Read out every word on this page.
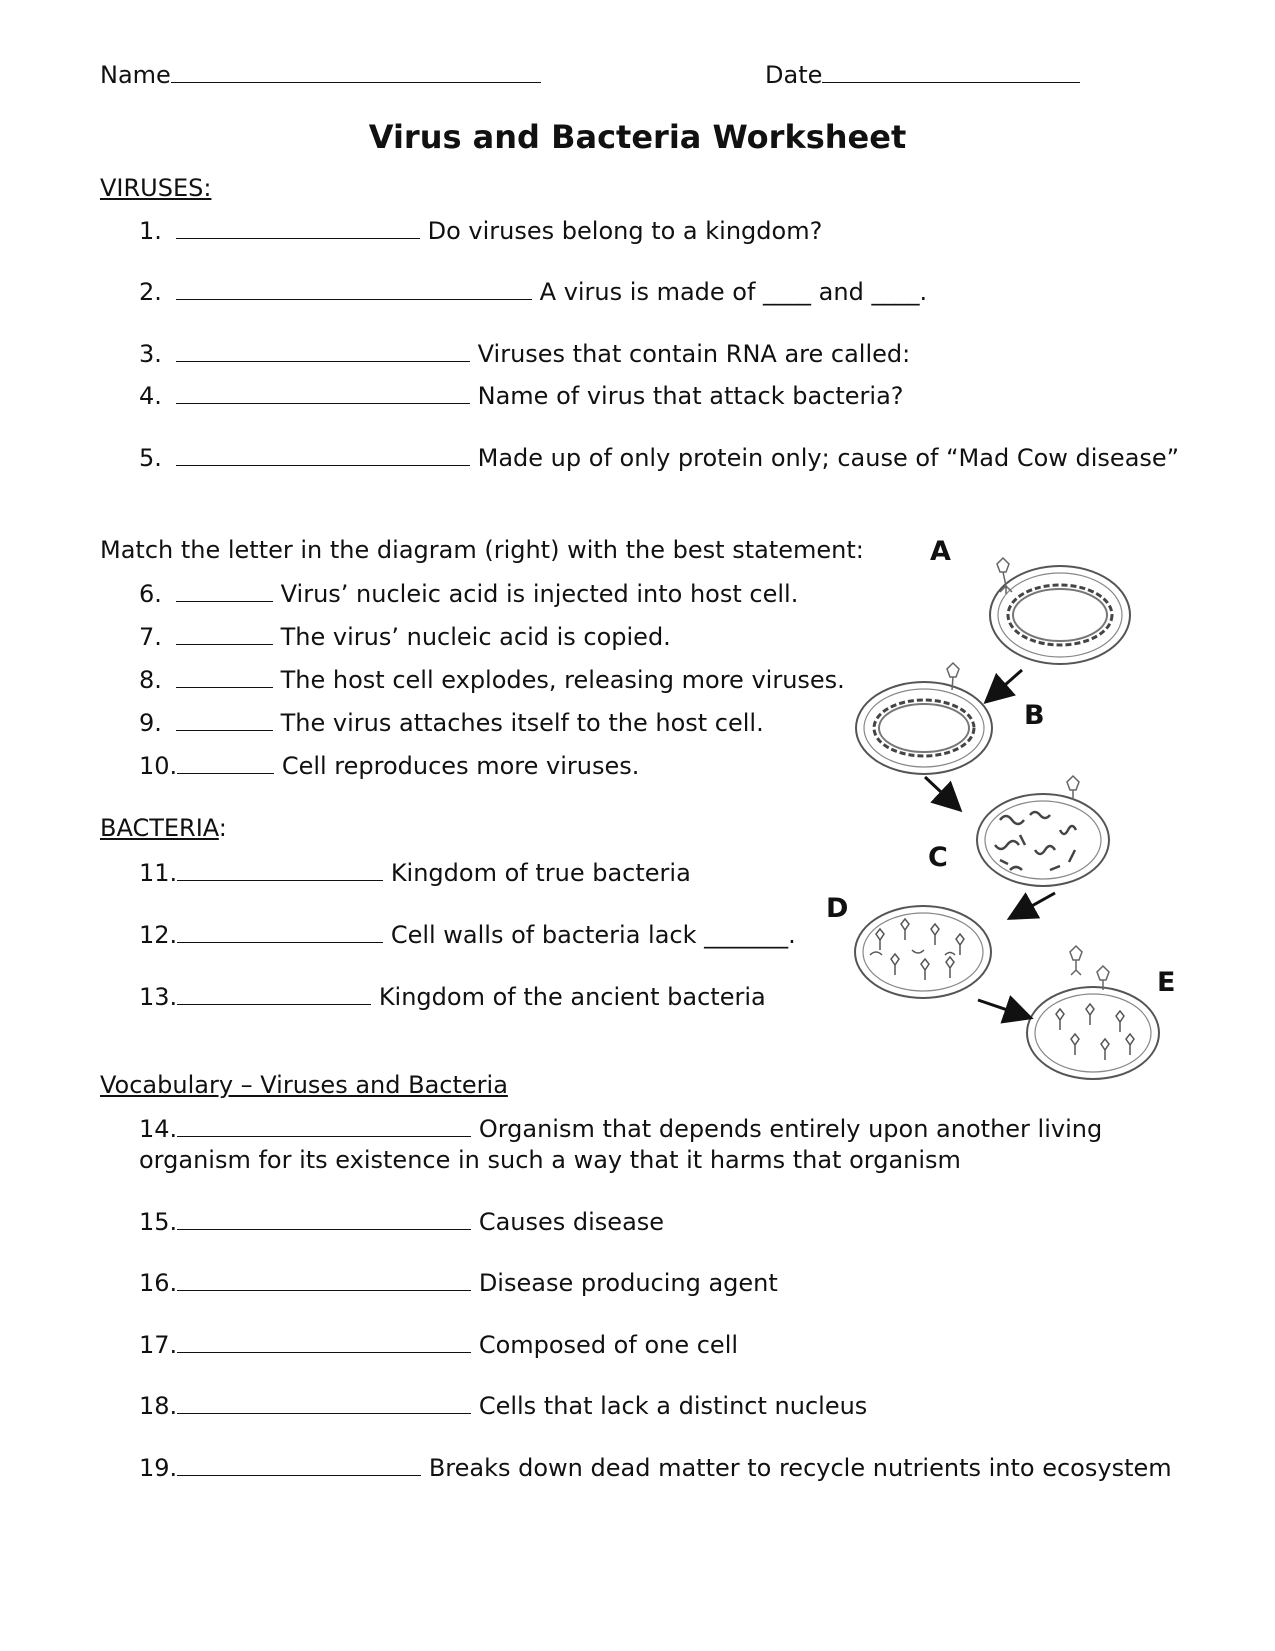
Name	Date
Virus and Bacteria Worksheet
VIRUSES:
1.	Do viruses belong to a kingdom?
2.	A virus is made of ____ and ____.
3.	Viruses that contain RNA are called:
4.	Name of virus that attack bacteria?
5.	Made up of only protein only; cause of “Mad Cow disease”
Match the letter in the diagram (right) with the best statement:
6.	Virus’ nucleic acid is injected into host cell.
7.	The virus’ nucleic acid is copied.
8.	The host cell explodes, releasing more viruses.
9.	The virus attaches itself to the host cell.
10.	Cell reproduces more viruses.
BACTERIA:
11.	Kingdom of true bacteria
12.	Cell walls of bacteria lack _______.
13.	Kingdom of the ancient bacteria
Vocabulary – Viruses and Bacteria
14.	Organism that depends entirely upon another living organism for its existence in such a way that it harms that organism
15.	Causes disease
16.	Disease producing agent
17.	Composed of one cell
18.	Cells that lack a distinct nucleus
19.	Breaks down dead matter to recycle nutrients into ecosystem
A
B
C
D
E
